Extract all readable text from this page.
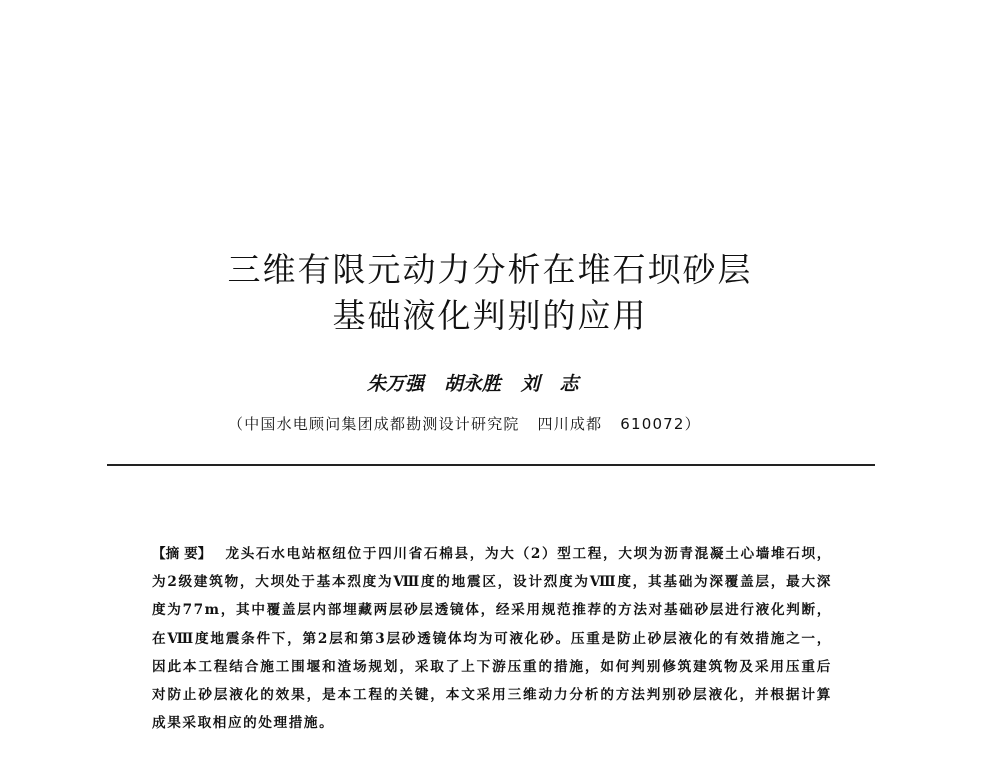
三维有限元动力分析在堆石坝砂层
基础液化判别的应用
朱万强   胡永胜   刘   志
（中国水电顾问集团成都勘测设计研究院   四川成都   610072）

【摘 要】 龙头石水电站枢纽位于四川省石棉县，为大（2）型工程，大坝为沥青混凝土心墙堆石坝，为2级建筑物，大坝处于基本烈度为Ⅷ度的地震区，设计烈度为Ⅷ度，其基础为深覆盖层，最大深度为77m，其中覆盖层内部埋藏两层砂层透镜体，经采用规范推荐的方法对基础砂层进行液化判断，在Ⅷ度地震条件下，第2层和第3层砂透镜体均为可液化砂。压重是防止砂层液化的有效措施之一，因此本工程结合施工围堰和渣场规划，采取了上下游压重的措施，如何判别修筑建筑物及采用压重后对防止砂层液化的效果，是本工程的关键，本文采用三维动力分析的方法判别砂层液化，并根据计算成果采取相应的处理措施。
